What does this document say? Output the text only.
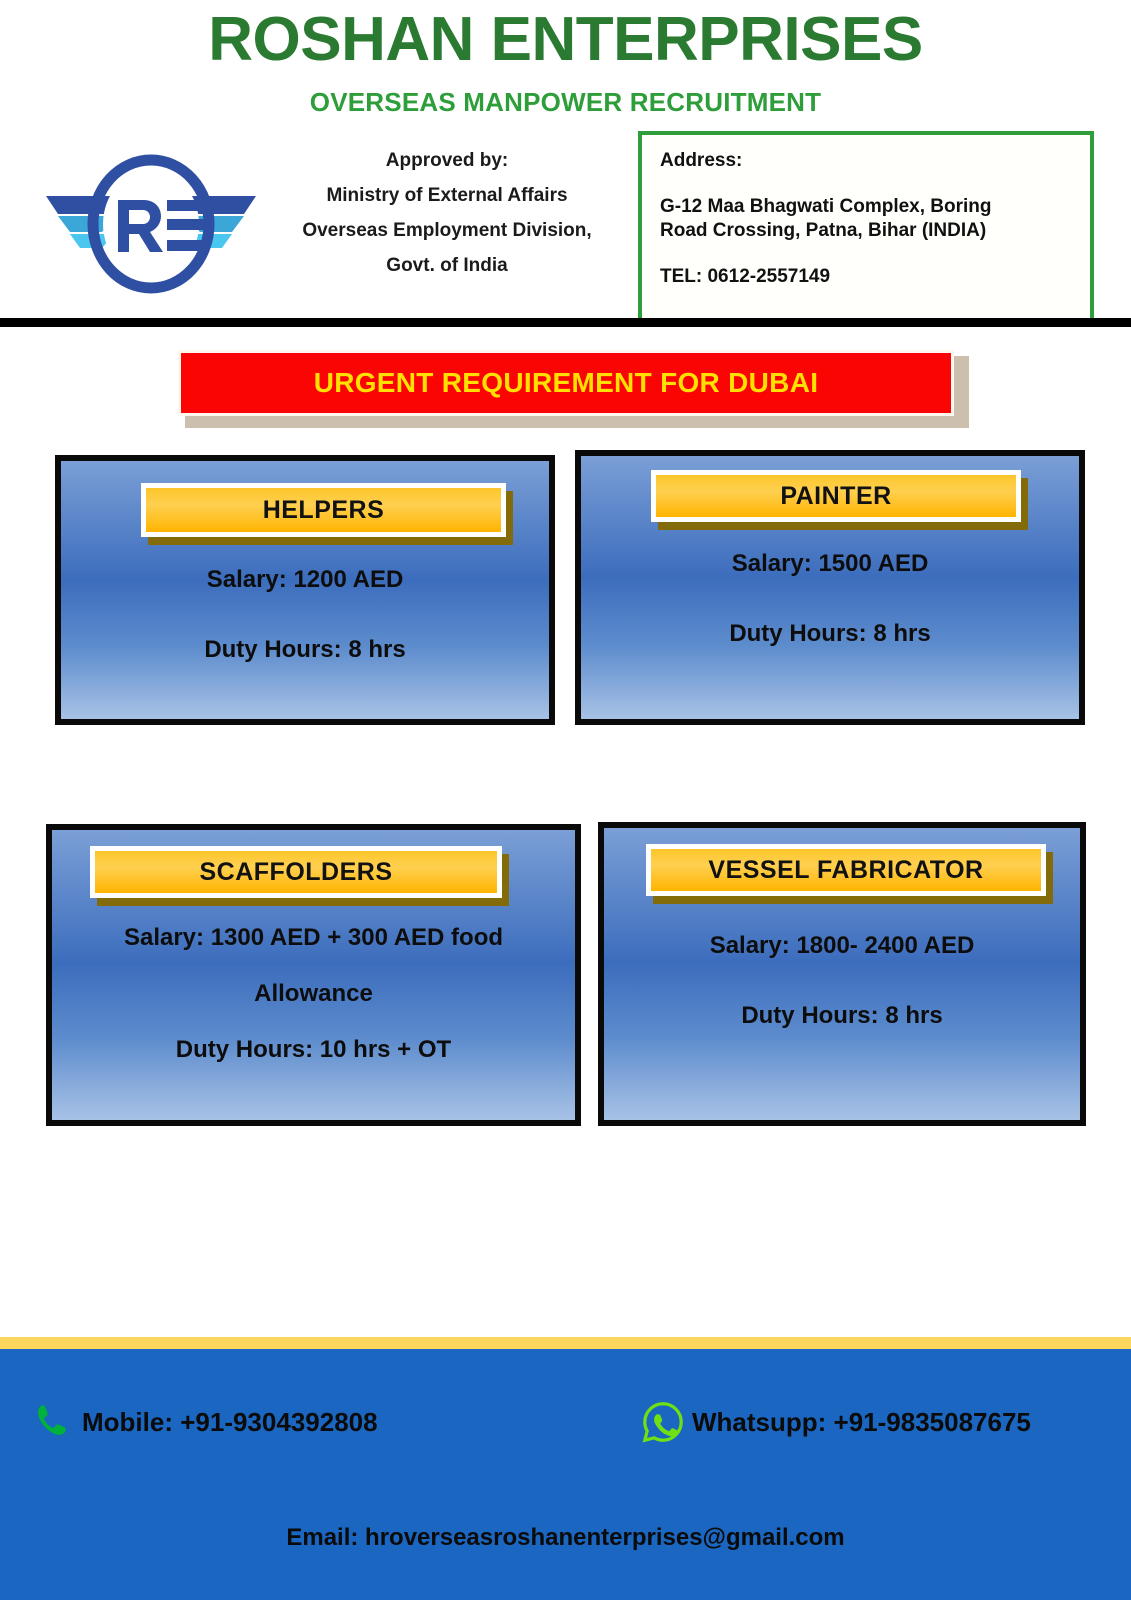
ROSHAN ENTERPRISES
OVERSEAS MANPOWER RECRUITMENT
Approved by:
Ministry of External Affairs
Overseas Employment Division,
Govt. of India
Address:
G-12 Maa Bhagwati Complex, Boring
Road Crossing, Patna, Bihar (INDIA)
TEL: 0612-2557149
URGENT REQUIREMENT FOR DUBAI
HELPERS
Salary: 1200 AED
Duty Hours: 8 hrs
PAINTER
Salary: 1500 AED
Duty Hours: 8 hrs
SCAFFOLDERS
Salary: 1300 AED + 300 AED food
Allowance
Duty Hours: 10 hrs + OT
VESSEL FABRICATOR
Salary: 1800- 2400 AED
Duty Hours: 8 hrs
Mobile: +91-9304392808	Whatsupp: +91-9835087675
Email: hroverseasroshanenterprises@gmail.com
